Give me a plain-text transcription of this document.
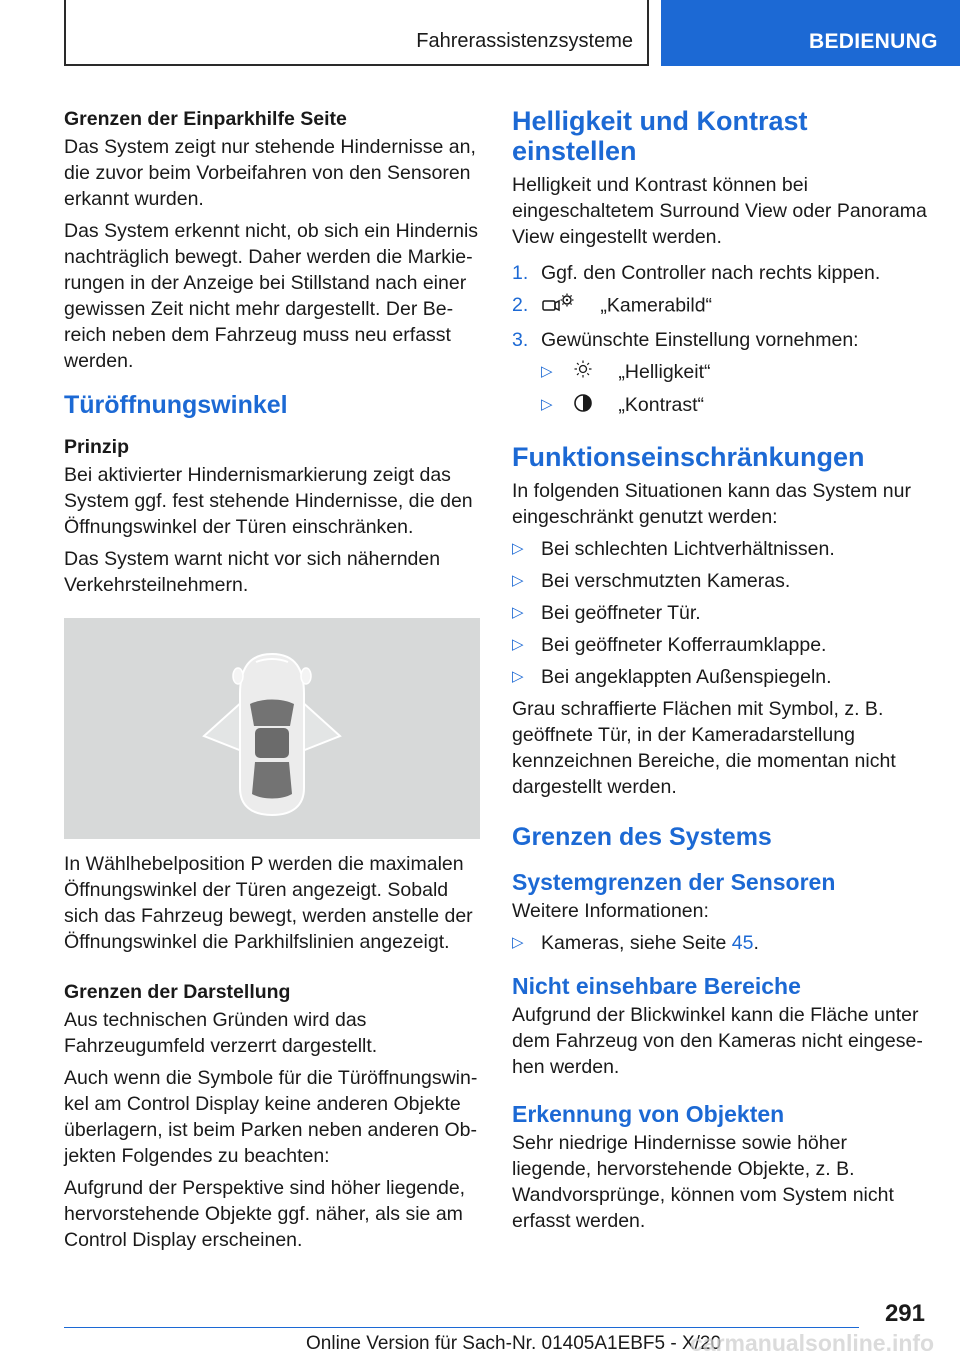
Fahrerassistenzsysteme	BEDIENUNG
Grenzen der Einparkhilfe Seite

Das System zeigt nur stehende Hindernisse an, die zuvor beim Vorbeifahren von den Sensoren erkannt wurden.

Das System erkennt nicht, ob sich ein Hindernis nachträglich bewegt. Daher werden die Markierungen in der Anzeige bei Stillstand nach einer gewissen Zeit nicht mehr dargestellt. Der Bereich neben dem Fahrzeug muss neu erfasst werden.

Türöffnungswinkel
Prinzip

Bei aktivierter Hindernismarkierung zeigt das System ggf. fest stehende Hindernisse, die den Öffnungswinkel der Türen einschränken.

Das System warnt nicht vor sich nähernden Verkehrsteilnehmern.

In Wählhebelposition P werden die maximalen Öffnungswinkel der Türen angezeigt. Sobald sich das Fahrzeug bewegt, werden anstelle der Öffnungswinkel die Parkhilfslinien angezeigt.

Grenzen der Darstellung

Aus technischen Gründen wird das Fahrzeugumfeld verzerrt dargestellt.

Auch wenn die Symbole für die Türöffnungswinkel am Control Display keine anderen Objekte überlagern, ist beim Parken neben anderen Objekten Folgendes zu beachten:

Aufgrund der Perspektive sind höher liegende, hervorstehende Objekte ggf. näher, als sie am Control Display erscheinen.

Helligkeit und Kontrast einstellen

Helligkeit und Kontrast können bei eingeschaltetem Surround View oder Panorama View eingestellt werden.

1. Ggf. den Controller nach rechts kippen.
2.	„Kamerabild“
3. Gewünschte Einstellung vornehmen:
▷	„Helligkeit“
▷	„Kontrast“
Funktionseinschränkungen

In folgenden Situationen kann das System nur eingeschränkt genutzt werden:

▷ Bei schlechten Lichtverhältnissen.
▷ Bei verschmutzten Kameras.
▷ Bei geöffneter Tür.
▷ Bei geöffneter Kofferraumklappe.
▷ Bei angeklappten Außenspiegeln.

Grau schraffierte Flächen mit Symbol, z. B. geöffnete Tür, in der Kameradarstellung kennzeichnen Bereiche, die momentan nicht dargestellt werden.

Grenzen des Systems
Systemgrenzen der Sensoren

Weitere Informationen:

▷ Kameras, siehe Seite 45.
Nicht einsehbare Bereiche

Aufgrund der Blickwinkel kann die Fläche unter dem Fahrzeug von den Kameras nicht eingesehen werden.

Erkennung von Objekten

Sehr niedrige Hindernisse sowie höher liegende, hervorstehende Objekte, z. B. Wandvorsprünge, können vom System nicht erfasst werden.

291
Online Version für Sach-Nr. 01405A1EBF5 - X/20
carmanualsonline.info
